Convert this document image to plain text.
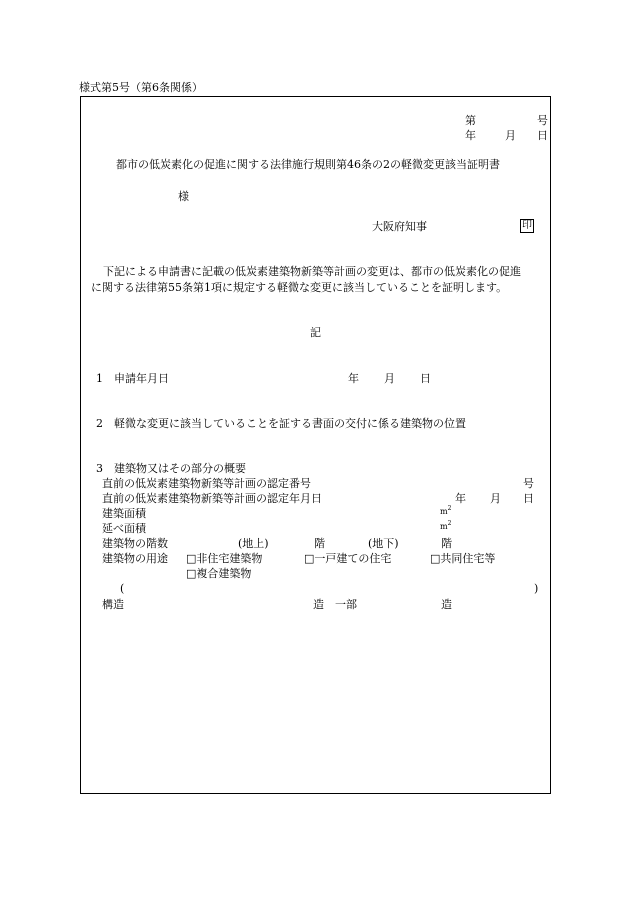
様式第5号（第6条関係）
第	号
年	月 日
都市の低炭素化の促進に関する法律施行規則第46条の2の軽微変更該当証明書
様
大阪府知事	印
下記による申請書に記載の低炭素建築物新築等計画の変更は、都市の低炭素化の促進
に関する法律第55条第1項に規定する軽微な変更に該当していることを証明します。
記
1　申請年月日	年 月 日
2　軽微な変更に該当していることを証する書面の交付に係る建築物の位置
3　建築物又はその部分の概要
直前の低炭素建築物新築等計画の認定番号	号
直前の低炭素建築物新築等計画の認定年月日	年 月 日
建築面積	$m^2$
延べ面積	$m^2$
建築物の階数	(地上)	階	(地下)	階
建築物の用途 □非住宅建築物	□一戸建ての住宅	□共同住宅等
□複合建築物
(	)
構造	造　一部	造
